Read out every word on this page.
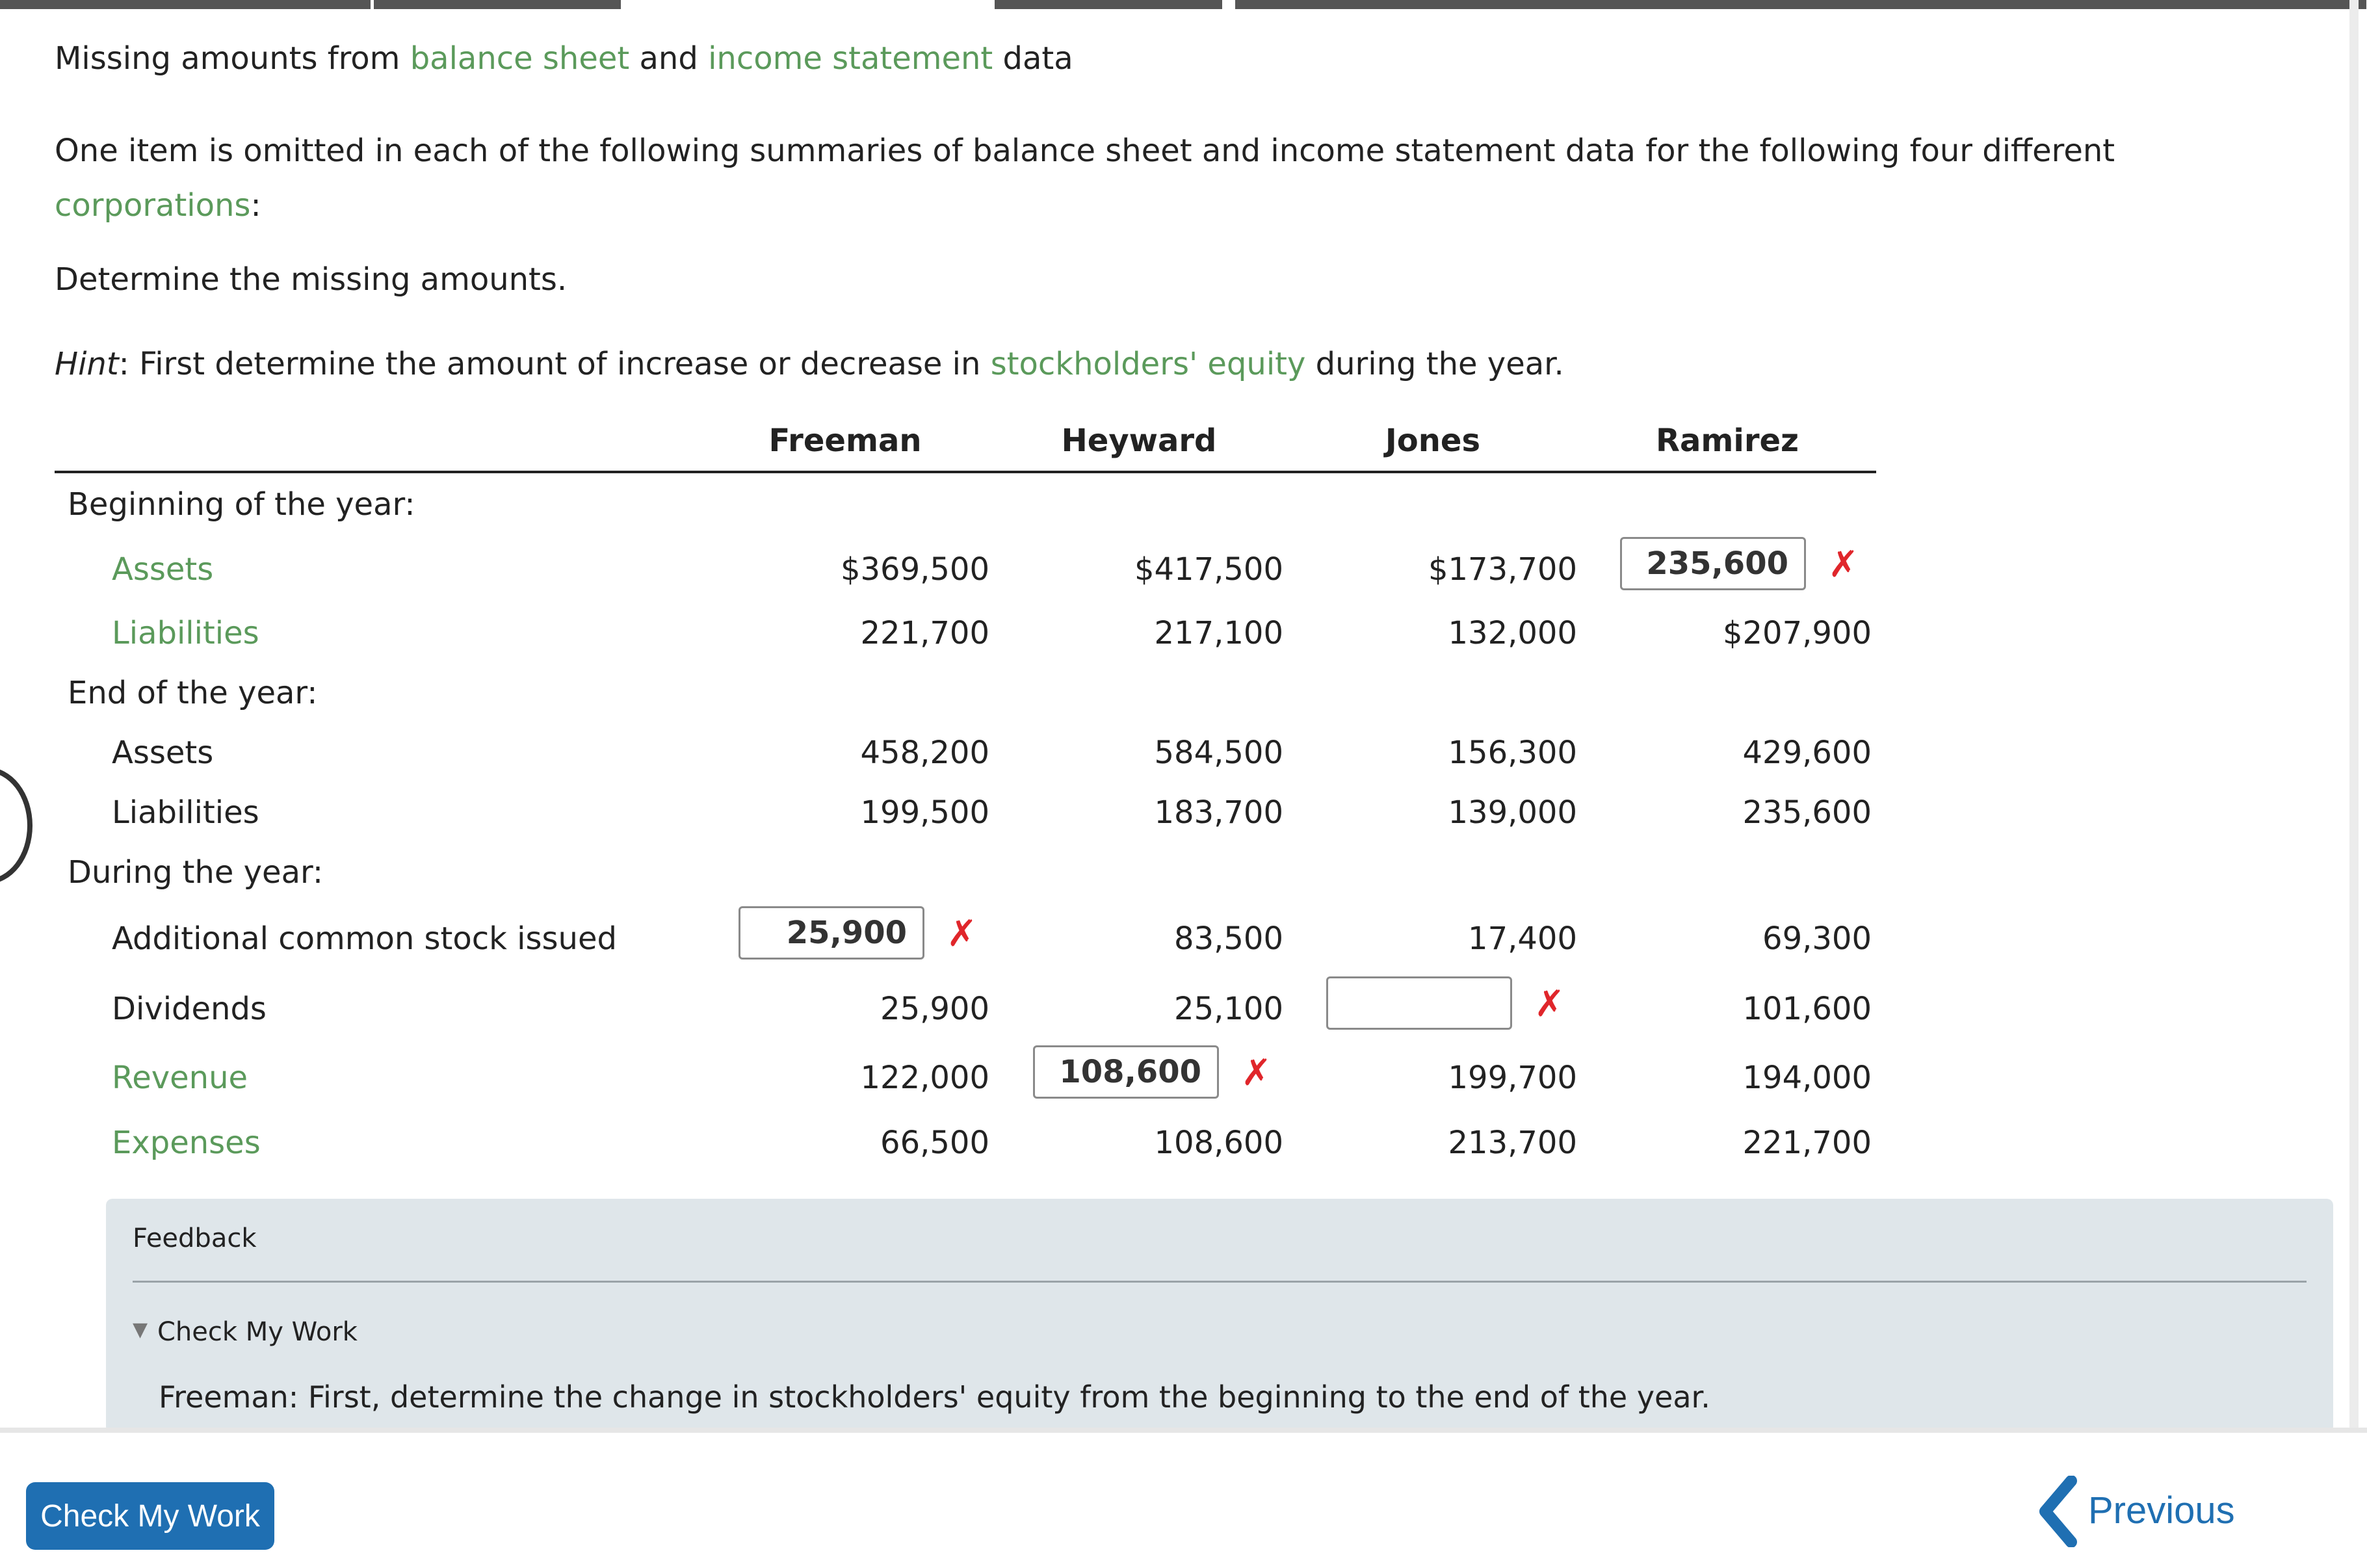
Missing amounts from balance sheet and income statement data
One item is omitted in each of the following summaries of balance sheet and income statement data for the following four different corporations:
Determine the missing amounts.
Hint: First determine the amount of increase or decrease in stockholders' equity during the year.
Freeman	Heyward	Jones	Ramirez
Beginning of the year:
Assets	$369,500	$417,500	$173,700	235,600	✗
Liabilities	221,700	217,100	132,000	$207,900
End of the year:
Assets	458,200	584,500	156,300	429,600
Liabilities	199,500	183,700	139,000	235,600
During the year:
Additional common stock issued	25,900	✗	83,500	17,400	69,300
Dividends	25,900	25,100	✗	101,600
Revenue	122,000	108,600	✗	199,700	194,000
Expenses	66,500	108,600	213,700	221,700
Feedback
▼ Check My Work
Freeman: First, determine the change in stockholders' equity from the beginning to the end of the year.
Check My Work	Previous
